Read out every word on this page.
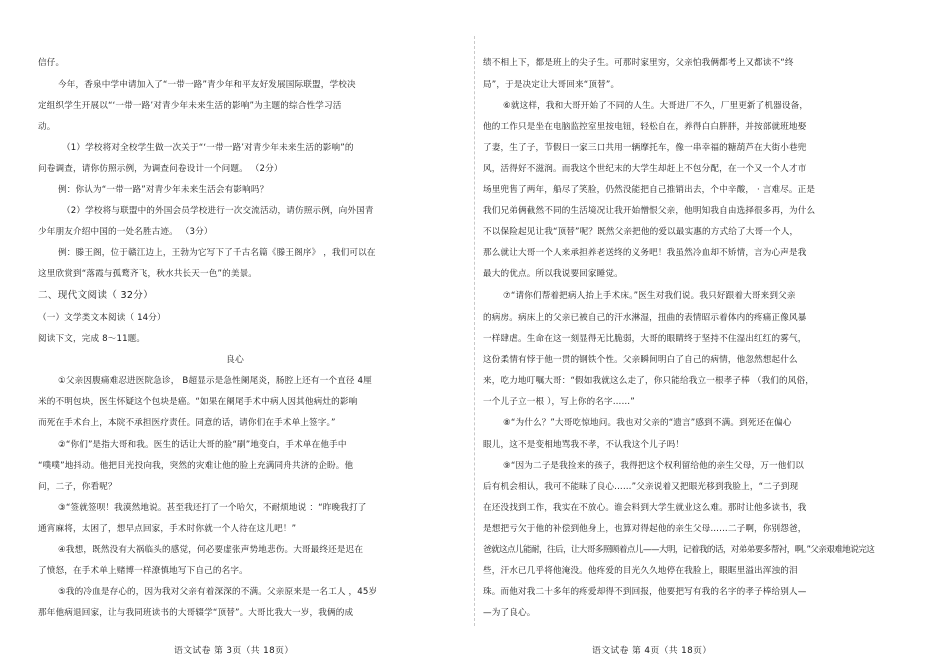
信仔。
今年，香泉中学申请加入了“一带一路”青少年和平友好发展国际联盟，学校决
定组织学生开展以“‘一带一路’对青少年未来生活的影响”为主题的综合性学习活
动。
（1）学校将对全校学生做一次关于“‘一带一路’对青少年未来生活的影响”的
问卷调查，请你仿照示例，为调查问卷设计一个问题。 （2分）
例：你认为“一带一路”对青少年未来生活会有影响吗？
（2）学校将与联盟中的外国会员学校进行一次交流活动，请仿照示例，向外国青
少年朋友介绍中国的一处名胜古迹。 （3分）
例：滕王阁，位于赣江边上，王勃为它写下了千古名篇《滕王阁序》 ，我们可以在
这里欣赏到“落霞与孤鹜齐飞，秋水共长天一色”的美景。
二、现代文阅读（ 32分）
（一）文学类文本阅读（ 14分）
阅读下文，完成 8～11题。
良心
①父亲因腹痛难忍进医院急诊， B超显示是急性阑尾炎，肠腔上还有一个直径 4厘
米的不明包块，医生怀疑这个包块是癌。“如果在阑尾手术中病人因其他病灶的影响
而死在手术台上，本院不承担医疗责任。同意的话，请你们在手术单上签字。”
②“你们”是指大哥和我。医生的话让大哥的脸“刷”地变白，手术单在他手中
“噗噗”地抖动。他把目光投向我，突然的灾难让他的脸上充满同舟共济的企盼。他
问，二子，你看呢？
③“签就签呗！我漠然地说。甚至我还打了一个哈欠，不耐烦地说 ：“昨晚我打了
通宵麻将，太困了，想早点回家，手术时你就一个人待在这儿吧！”
④我想，既然没有大祸临头的感觉，何必要虚张声势地悲伤。大哥最终还是迟在
了愤怒，在手术单上赌博一样潦慎地写下自己的名字。
⑤我的冷血是存心的，因为我对父亲有着深深的不满。父亲原来是一名工人 ，45岁
那年他病退回家，让与我同班读书的大哥辍学“顶替”。大哥比我大一岁，我俩的成
语文试卷 第 3页（共 18页）
绩不相上下，都是班上的尖子生。可那时家里穷，父亲怕我俩都考上又都读不“终
局”，于是决定让大哥回来“顶替”。
⑥就这样，我和大哥开始了不同的人生。大哥进厂不久，厂里更新了机器设备，
他的工作只是坐在电脑监控室里按电钮，轻松自在，养得白白胖胖，并按部就班地娶
了妻，生了子，节假日一家三口共用一辆摩托车，像一串幸福的糖葫芦在大街小巷兜
风，活得好不滋润。而我这个世纪末的大学生却赶上不包分配，在一个又一个人才市
场里兜售了两年，船尽了笑脸，仍然没能把自己推销出去，个中辛酸， · 言难尽。正是
我们兄弟俩截然不同的生活境况让我开始憎恨父亲，他明知我自由选择很多再，为什么
不以保险起见让我“顶替”呢？既然父亲把他的爱以最实惠的方式给了大哥一个人，
那么就让大哥一个人来承担养老送终的义务吧！我虽然冷血却不矫情，言为心声是我
最大的优点。所以我说要回家睡觉。
⑦“请你们帮着把病人抬上手术床。”医生对我们说。我只好跟着大哥来到父亲
的病房。病床上的父亲已被自己的汗水淋湿，扭曲的表情昭示着体内的疼痛正像风暴
一样肆虐。生命在这一刻显得无比脆弱，大哥的眼睛终于坚持不住湿出红红的雾气，
这份柔情有悖于他一贯的钢铁个性。父亲瞬间明白了自己的病情，他忽然想起什么
来，吃力地叮嘱大哥：“假如我就这么走了，你只能给我立一根孝子棒 （我们的风俗，
一个儿子立一根 ），写上你的名字……”
⑧“为什么？”大哥吃惊地问。我也对父亲的“遗言”感到不满。到死还在偏心
眼儿，这不是变相地骂我不孝，不认我这个儿子吗！
⑨“因为二子是我捡来的孩子，我得把这个权利留给他的亲生父母，万一他们以
后有机会相认，我可不能昧了良心……”父亲说着又把眼光移到我脸上，“二子到现
在还没找到工作，我实在不放心。谁会料到大学生就业这么难。那时让他多读书，我
是想把亏欠于他的补偿到他身上，也算对得起他的亲生父母……二子啊，你别怨爸，
爸就这点儿能耐，往后，让大哥多照顾着点儿——大明，记着我的话，对弟弟要多帮衬，啊。”父亲艰难地说完这
些，汗水已几乎将他淹没。他疼爱的目光久久地停在我脸上，眼眶里溢出浑浊的泪
珠。而他对我二十多年的疼爱却得不到回报，他要把写有我的名字的孝子棒给别人—
—为了良心。
语文试卷 第 4页（共 18页）
